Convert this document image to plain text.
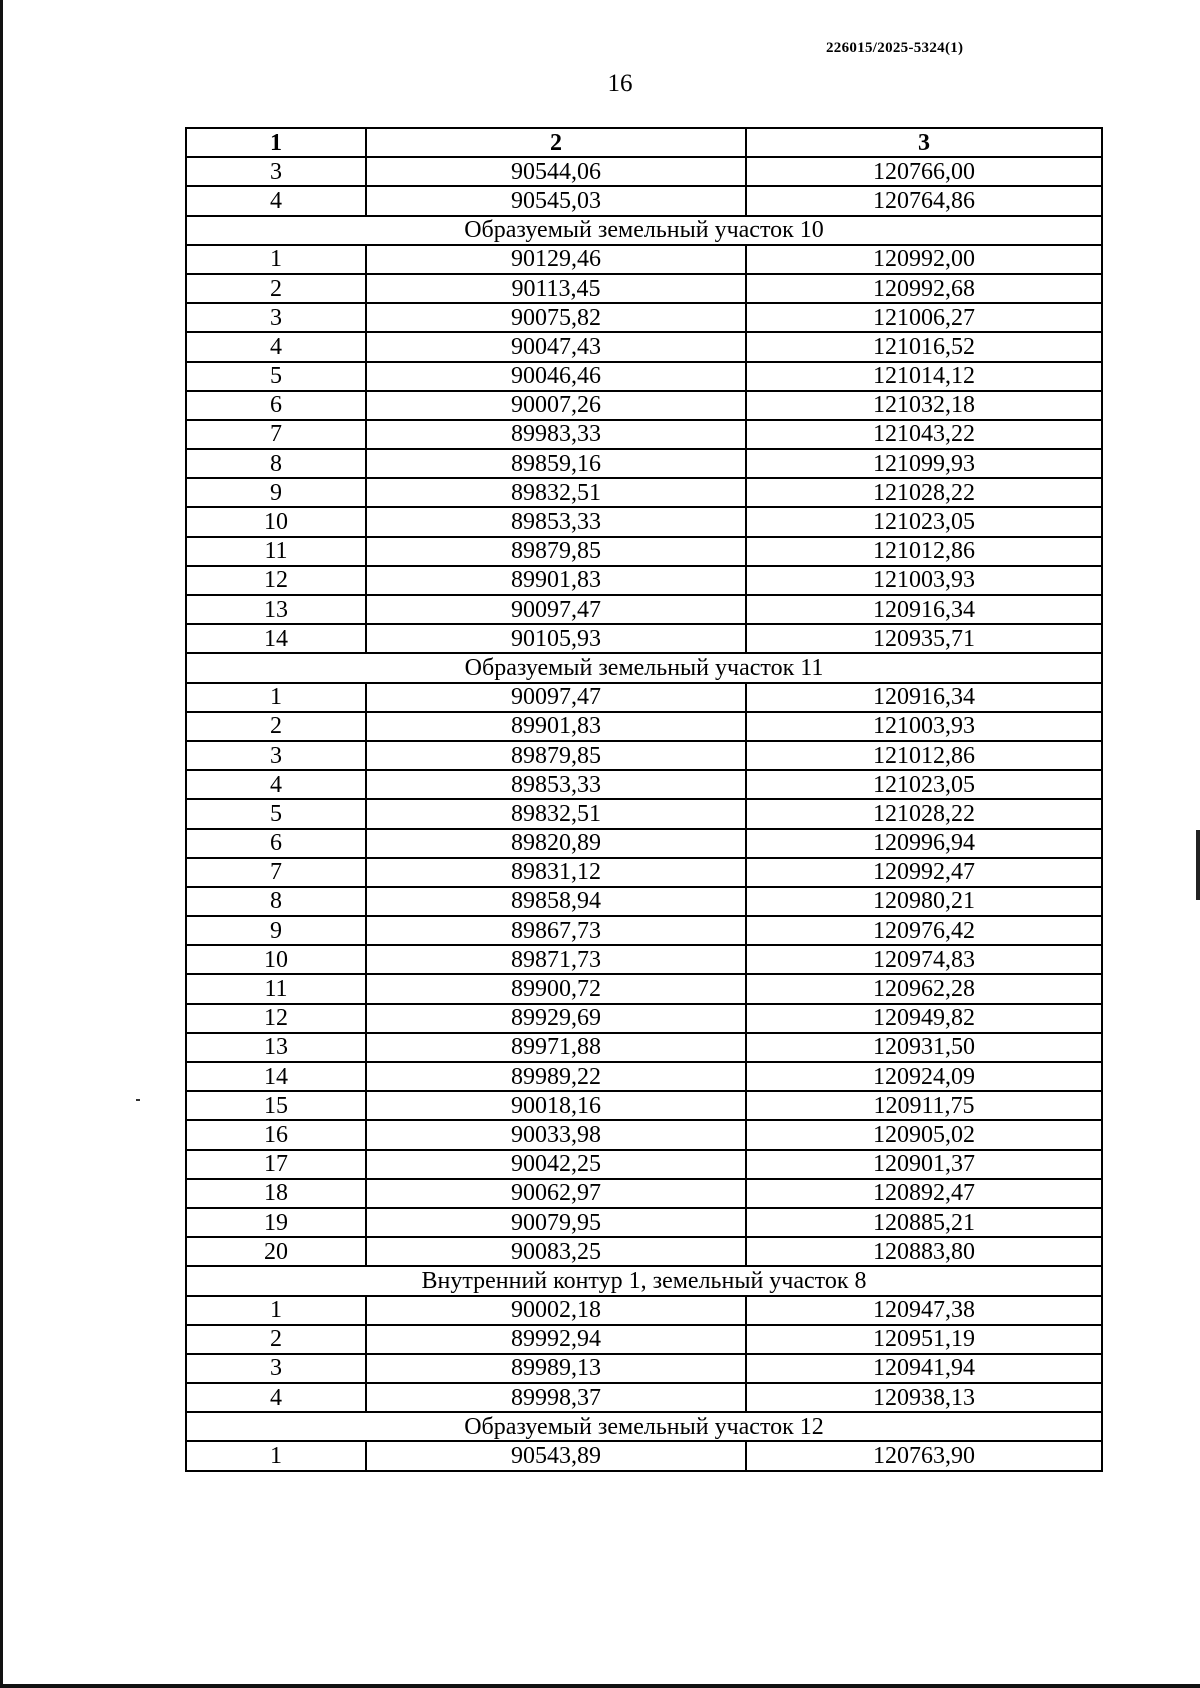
226015/2025-5324(1)
16
1	2	3
3	90544,06	120766,00
4	90545,03	120764,86
Образуемый земельный участок 10		
1	90129,46	120992,00
2	90113,45	120992,68
3	90075,82	121006,27
4	90047,43	121016,52
5	90046,46	121014,12
6	90007,26	121032,18
7	89983,33	121043,22
8	89859,16	121099,93
9	89832,51	121028,22
10	89853,33	121023,05
11	89879,85	121012,86
12	89901,83	121003,93
13	90097,47	120916,34
14	90105,93	120935,71
Образуемый земельный участок 11		
1	90097,47	120916,34
2	89901,83	121003,93
3	89879,85	121012,86
4	89853,33	121023,05
5	89832,51	121028,22
6	89820,89	120996,94
7	89831,12	120992,47
8	89858,94	120980,21
9	89867,73	120976,42
10	89871,73	120974,83
11	89900,72	120962,28
12	89929,69	120949,82
13	89971,88	120931,50
14	89989,22	120924,09
15	90018,16	120911,75
16	90033,98	120905,02
17	90042,25	120901,37
18	90062,97	120892,47
19	90079,95	120885,21
20	90083,25	120883,80
Внутренний контур 1, земельный участок 8		
1	90002,18	120947,38
2	89992,94	120951,19
3	89989,13	120941,94
4	89998,37	120938,13
Образуемый земельный участок 12		
1	90543,89	120763,90
